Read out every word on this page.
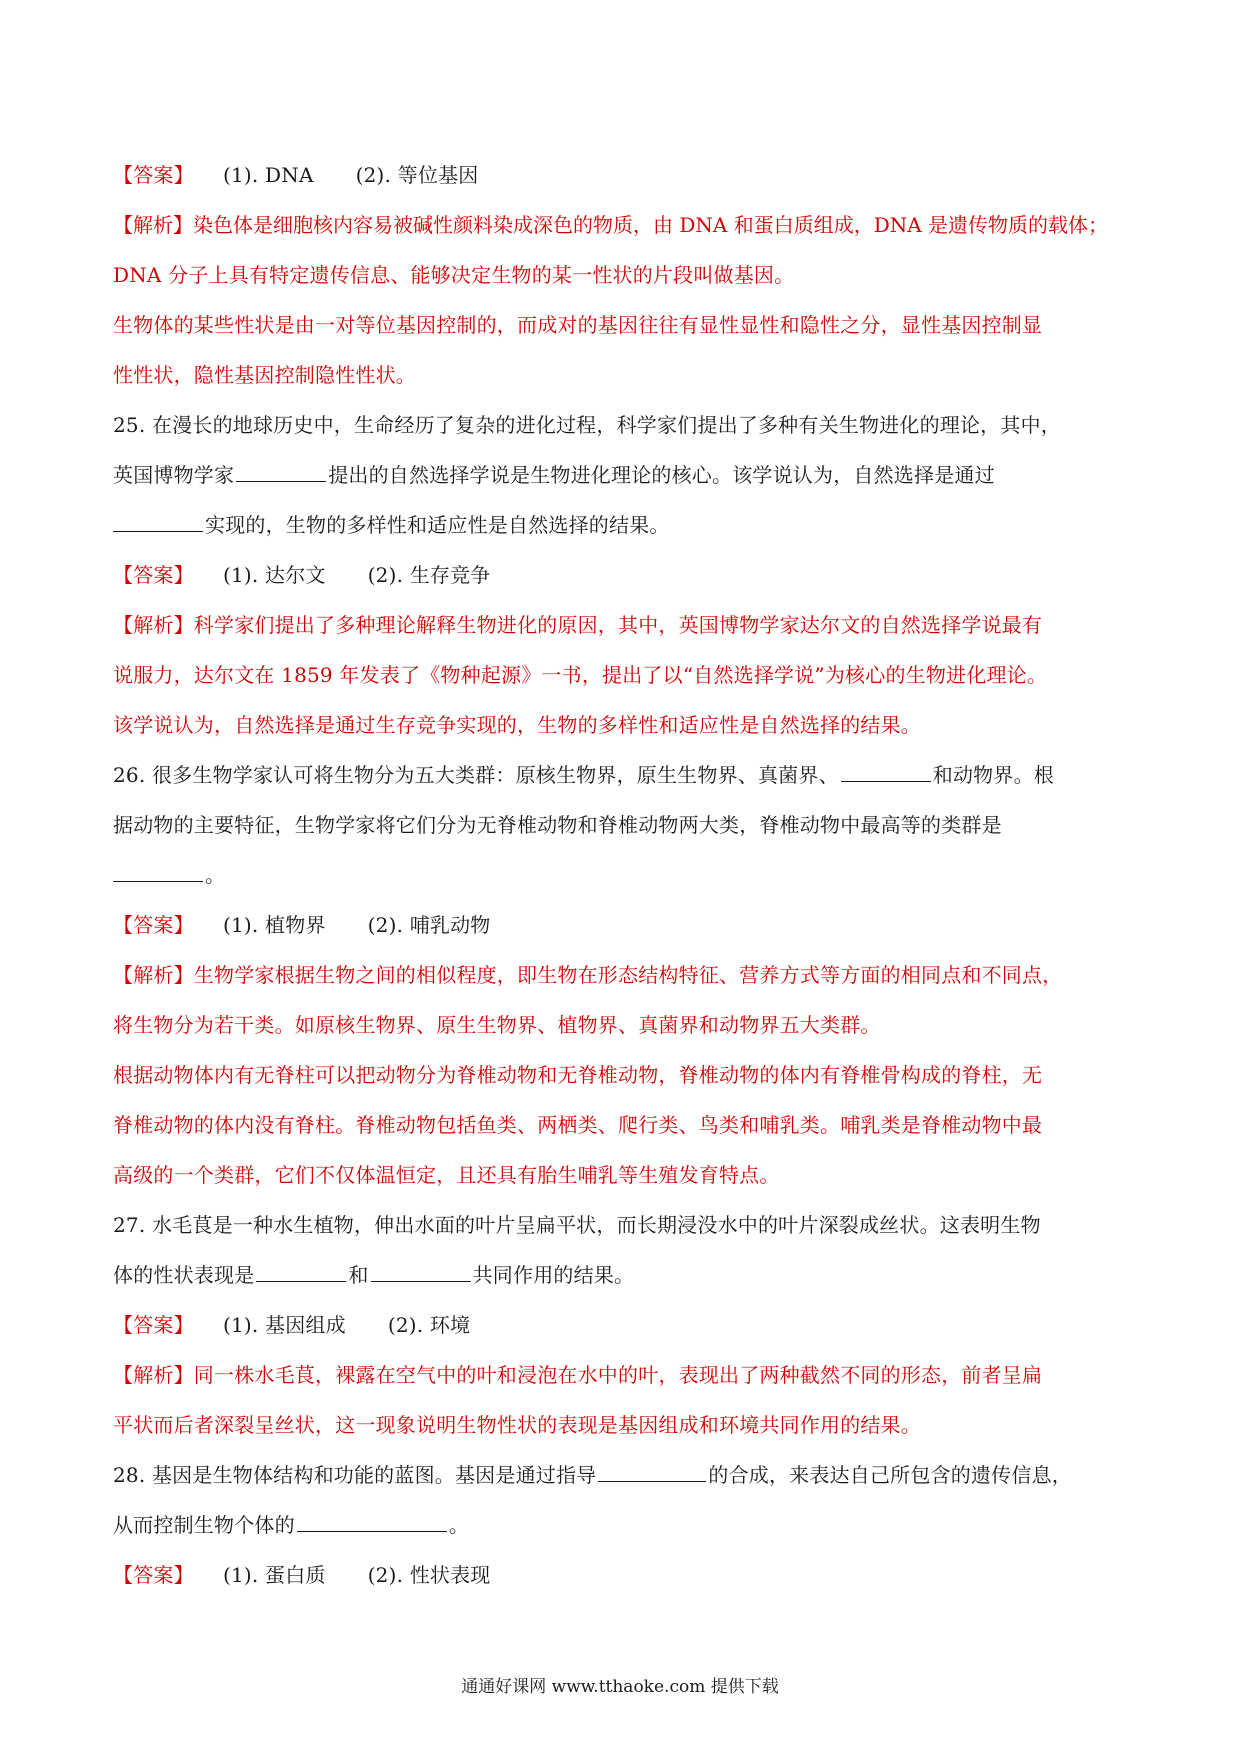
【答案】 (1). DNA (2). 等位基因
【解析】染色体是细胞核内容易被碱性颜料染成深色的物质，由 DNA 和蛋白质组成，DNA 是遗传物质的载体；
DNA 分子上具有特定遗传信息、能够决定生物的某一性状的片段叫做基因。
生物体的某些性状是由一对等位基因控制的，而成对的基因往往有显性显性和隐性之分，显性基因控制显
性性状，隐性基因控制隐性性状。
25. 在漫长的地球历史中，生命经历了复杂的进化过程，科学家们提出了多种有关生物进化的理论，其中，
英国博物学家	提出的自然选择学说是生物进化理论的核心。该学说认为，自然选择是通过
实现的，生物的多样性和适应性是自然选择的结果。
【答案】 (1). 达尔文 (2). 生存竞争
【解析】科学家们提出了多种理论解释生物进化的原因，其中，英国博物学家达尔文的自然选择学说最有
说服力，达尔文在 1859 年发表了《物种起源》一书，提出了以“自然选择学说”为核心的生物进化理论。
该学说认为，自然选择是通过生存竞争实现的，生物的多样性和适应性是自然选择的结果。
26. 很多生物学家认可将生物分为五大类群：原核生物界，原生生物界、真菌界、	和动物界。根
据动物的主要特征，生物学家将它们分为无脊椎动物和脊椎动物两大类，脊椎动物中最高等的类群是
。
【答案】 (1). 植物界 (2). 哺乳动物
【解析】生物学家根据生物之间的相似程度，即生物在形态结构特征、营养方式等方面的相同点和不同点，
将生物分为若干类。如原核生物界、原生生物界、植物界、真菌界和动物界五大类群。
根据动物体内有无脊柱可以把动物分为脊椎动物和无脊椎动物，脊椎动物的体内有脊椎骨构成的脊柱，无
脊椎动物的体内没有脊柱。脊椎动物包括鱼类、两栖类、爬行类、鸟类和哺乳类。哺乳类是脊椎动物中最
高级的一个类群，它们不仅体温恒定，且还具有胎生哺乳等生殖发育特点。
27. 水毛茛是一种水生植物，伸出水面的叶片呈扁平状，而长期浸没水中的叶片深裂成丝状。这表明生物
体的性状表现是	和	共同作用的结果。
【答案】 (1). 基因组成 (2). 环境
【解析】同一株水毛茛，裸露在空气中的叶和浸泡在水中的叶，表现出了两种截然不同的形态，前者呈扁
平状而后者深裂呈丝状，这一现象说明生物性状的表现是基因组成和环境共同作用的结果。
28. 基因是生物体结构和功能的蓝图。基因是通过指导	的合成，来表达自己所包含的遗传信息，
从而控制生物个体的	。
【答案】 (1). 蛋白质 (2). 性状表现
通通好课网 www.tthaoke.com 提供下载
